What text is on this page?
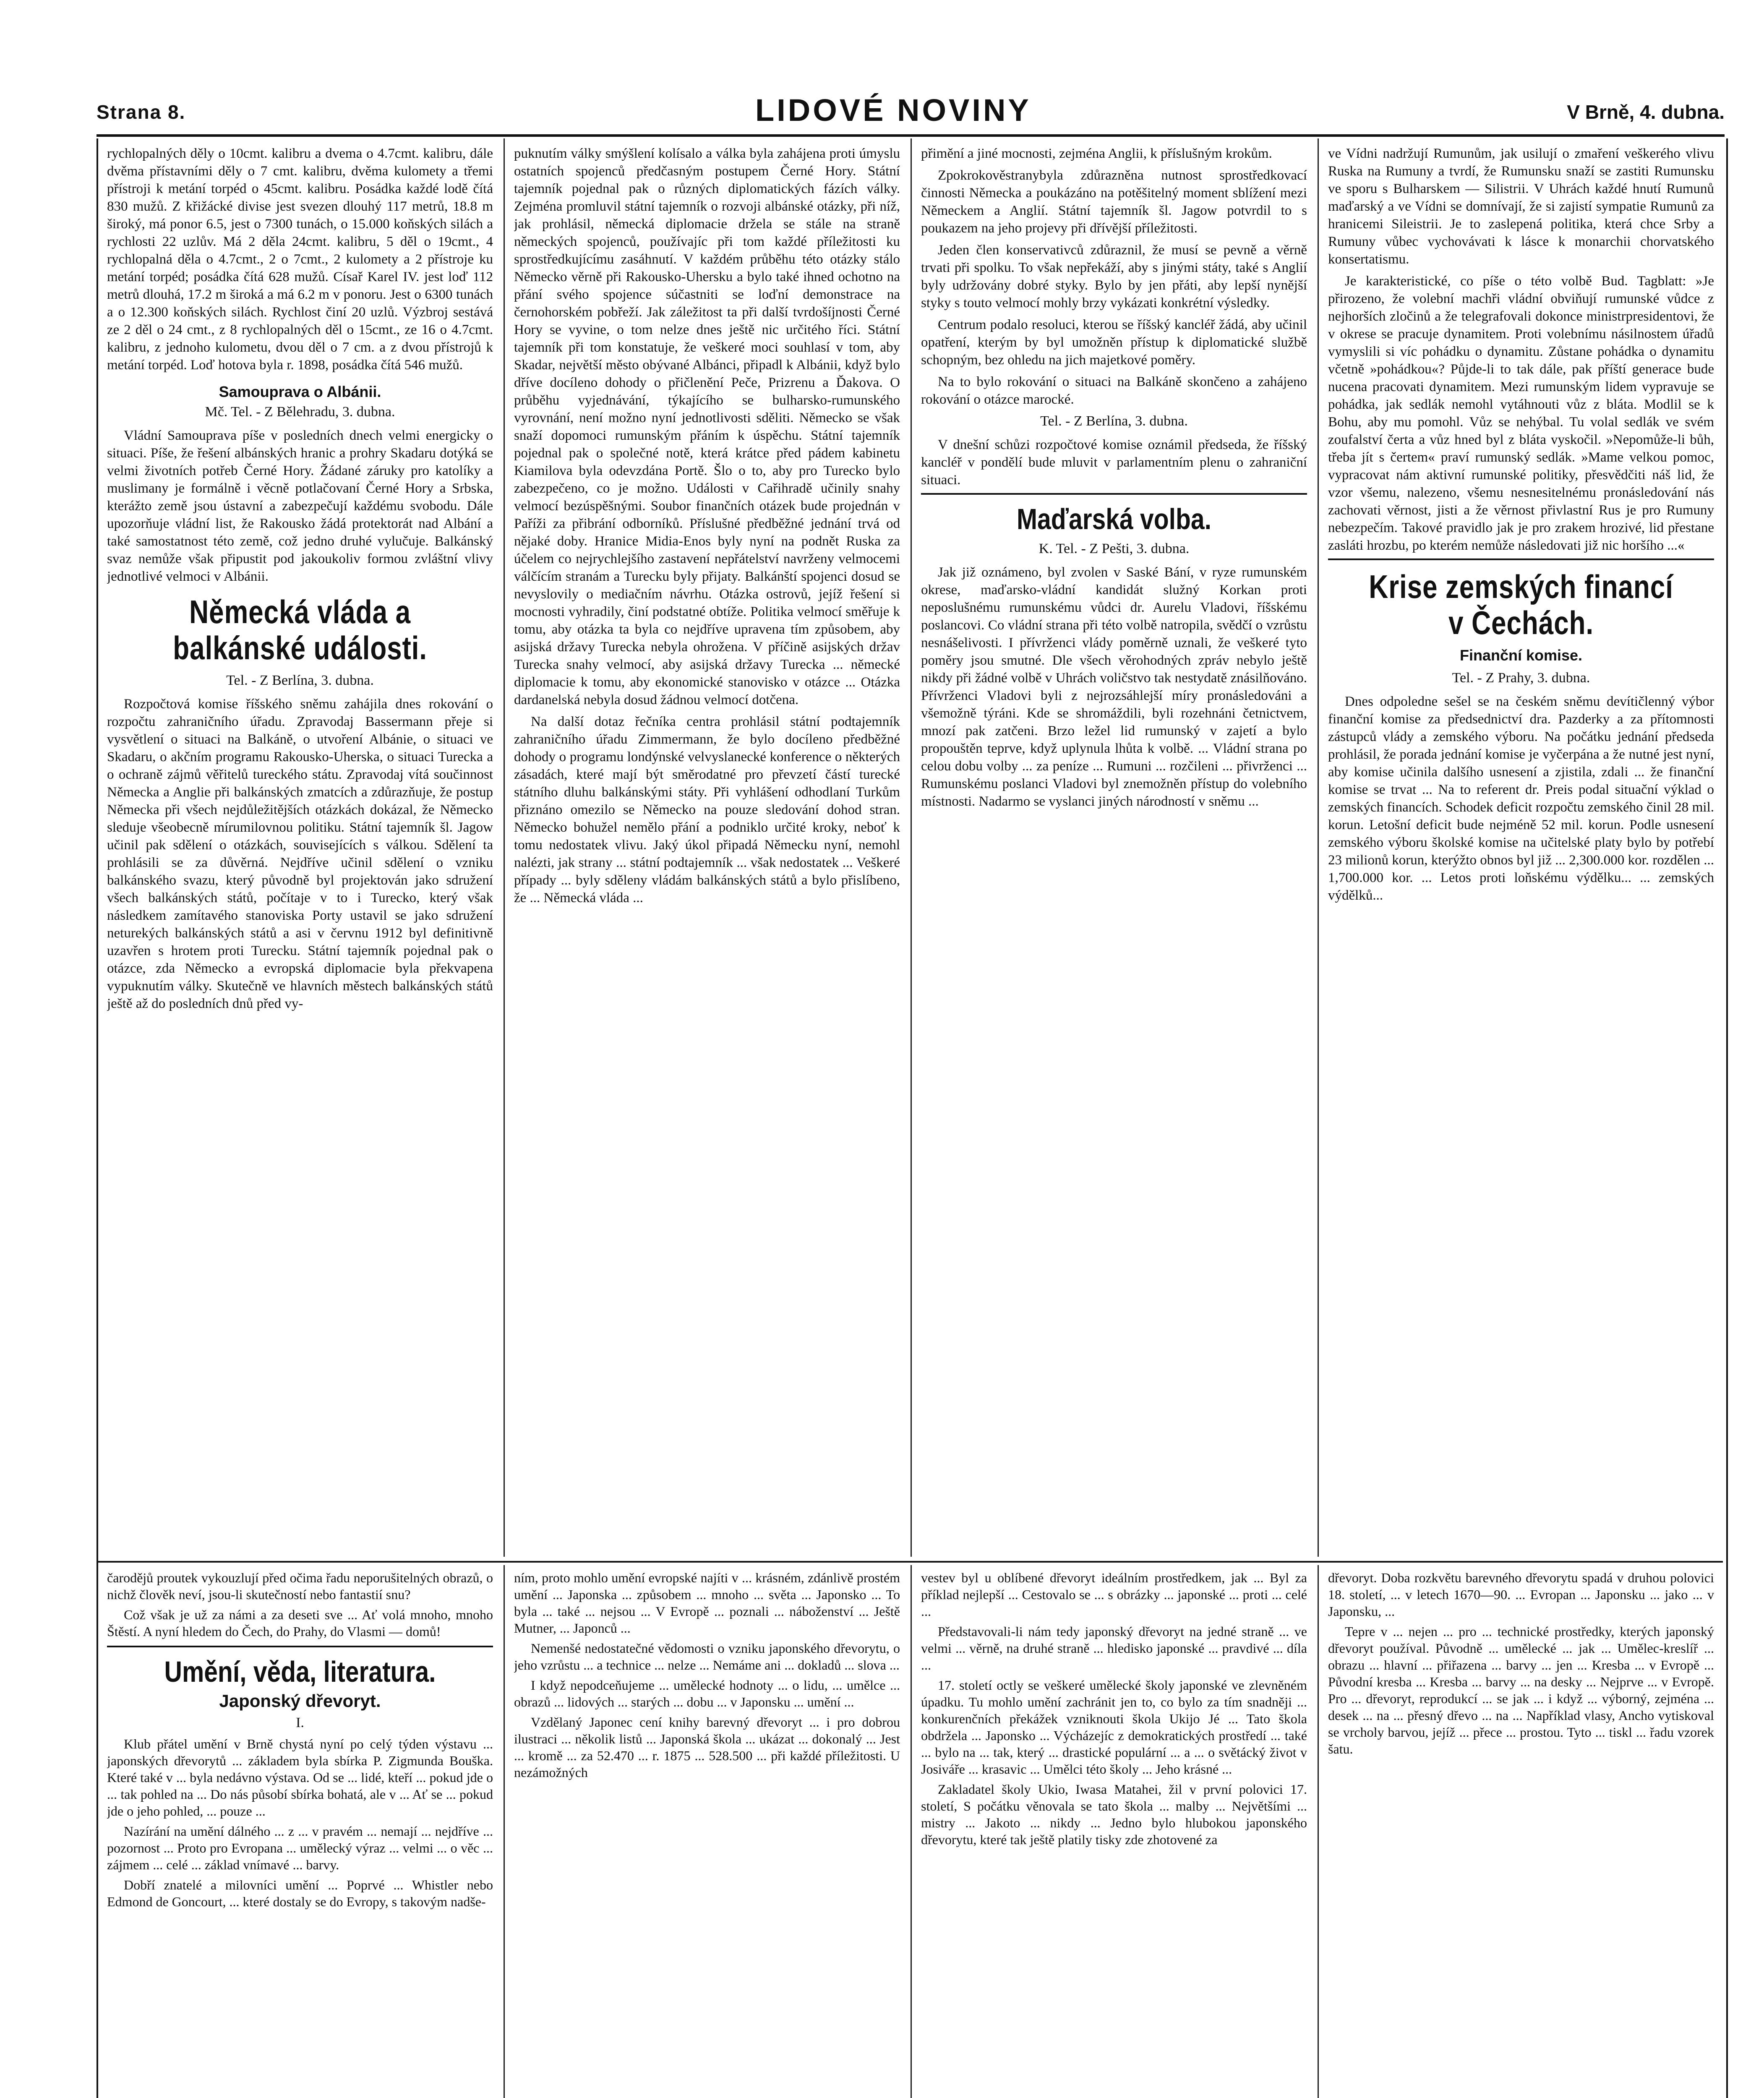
Strana 8.	LIDOVÉ NOVINY	V Brně, 4. dubna.

rychlopalných děly o 10cmt. kalibru a dvema o 4.7cmt. kalibru, dále dvěma přístavními děly o 7 cmt. kalibru, dvěma kulomety a třemi přístroji k metání torpéd o 45cmt. kalibru. Posádka každé lodě čítá 830 mužů. Z křižácké divise jest svezen dlouhý 117 metrů, 18.8 m široký, má ponor 6.5, jest o 7300 tunách, o 15.000 koňských silách a rychlosti 22 uzlův. Má 2 děla 24cmt. kalibru, 5 děl o 19cmt., 4 rychlopalná děla o 4.7cmt., 2 o 7cmt., 2 kulomety a 2 přístroje ku metání torpéd; posádka čítá 628 mužů. Císař Karel IV. jest loď 112 metrů dlouhá, 17.2 m široká a má 6.2 m v ponoru. Jest o 6300 tunách a o 12.300 koňských silách. Rychlost činí 20 uzlů. Výzbroj sestává ze 2 děl o 24 cmt., z 8 rychlopalných děl o 15cmt., ze 16 o 4.7cmt. kalibru, z jednoho kulometu, dvou děl o 7 cm. a z dvou přístrojů k metání torpéd. Loď hotova byla r. 1898, posádka čítá 546 mužů.

Samouprava o Albánii.
Mč. Tel. - Z Bělehradu, 3. dubna.

Vládní Samouprava píše v posledních dnech velmi energicky o situaci. Píše, že řešení albánských hranic a prohry Skadaru dotýká se velmi životních potřeb Černé Hory. Žádané záruky pro katolíky a muslimany je formálně i věcně potlačovaní Černé Hory a Srbska, kterážto země jsou ústavní a zabezpečují každému svobodu. Dále upozorňuje vládní list, že Rakousko žádá protektorát nad Albání a také samostatnost této země, což jedno druhé vylučuje. Balkánský svaz nemůže však připustit pod jakoukoliv formou zvláštní vlivy jednotlivé velmoci v Albánii.

Německá vláda a balkánské události.
Tel. - Z Berlína, 3. dubna.

Rozpočtová komise říšského sněmu zahájila dnes rokování o rozpočtu zahraničního úřadu. Zpravodaj Bassermann přeje si vysvětlení o situaci na Balkáně, o utvoření Albánie, o situaci ve Skadaru, o akčním programu Rakousko-Uherska, o situaci Turecka a o ochraně zájmů věřitelů tureckého státu. Zpravodaj vítá součinnost Německa a Anglie při balkánských zmatcích a zdůrazňuje, že postup Německa při všech nejdůležitějších otázkách dokázal, že Německo sleduje všeobecně mírumilovnou politiku. Státní tajemník šl. Jagow učinil pak sdělení o otázkách, souvisejících s válkou. Sdělení ta prohlásili se za důvěrná. Nejdříve učinil sdělení o vzniku balkánského svazu, který původně byl projektován jako sdružení všech balkánských států, počítaje v to i Turecko, který však následkem zamítavého stanoviska Porty ustavil se jako sdružení neturekých balkánských států a asi v červnu 1912 byl definitivně uzavřen s hrotem proti Turecku. Státní tajemník pojednal pak o otázce, zda Německo a evropská diplomacie byla překvapena vypuknutím války. Skutečně ve hlavních městech balkánských států ještě až do posledních dnů před vy-

puknutím války smýšlení kolísalo a válka byla zahájena proti úmyslu ostatních spojenců předčasným postupem Černé Hory. Státní tajemník pojednal pak o různých diplomatických fázích války. Zejména promluvil státní tajemník o rozvoji albánské otázky, při níž, jak prohlásil, německá diplomacie držela se stále na straně německých spojenců, používajíc při tom každé příležitosti ku sprostředkujícímu zasáhnutí. V každém průběhu této otázky stálo Německo věrně při Rakousko-Uhersku a bylo také ihned ochotno na přání svého spojence súčastniti se loďní demonstrace na černohorském pobřeží. Jak záležitost ta při další tvrdošíjnosti Černé Hory se vyvine, o tom nelze dnes ještě nic určitého říci. Státní tajemník při tom konstatuje, že veškeré moci souhlasí v tom, aby Skadar, největší město obývané Albánci, připadl k Albánii, když bylo dříve docíleno dohody o přičlenění Peče, Prizrenu a Ďakova. O průběhu vyjednávání, týkajícího se bulharsko-rumunského vyrovnání, není možno nyní jednotlivosti sděliti. Německo se však snaží dopomoci rumunským přáním k úspěchu. Státní tajemník pojednal pak o společné notě, která krátce před pádem kabinetu Kiamilova byla odevzdána Portě. Šlo o to, aby pro Turecko bylo zabezpečeno, co je možno. Události v Cařihradě učinily snahy velmocí bezúspěšnými. Soubor finančních otázek bude projednán v Paříži za přibrání odborníků. Příslušné předběžné jednání trvá od nějaké doby. Hranice Midia-Enos byly nyní na podnět Ruska za účelem co nejrychlejšího zastavení nepřátelství navrženy velmocemi válčícím stranám a Turecku byly přijaty. Balkánští spojenci dosud se nevyslovily o mediačním návrhu. Otázka ostrovů, jejíž řešení si mocnosti vyhradily, činí podstatné obtíže. Politika velmocí směřuje k tomu, aby otázka ta byla co nejdříve upravena tím způsobem, aby asijská državy Turecka nebyla ohrožena. V příčině asijských držav Turecka snahy velmocí, aby asijská državy Turecka ... německé diplomacie k tomu, aby ekonomické stanovisko v otázce ... Otázka dardanelská nebyla dosud žádnou velmocí dotčena.

Na další dotaz řečníka centra prohlásil státní podtajemník zahraničního úřadu Zimmermann, že bylo docíleno předběžné dohody o programu londýnské velvyslanecké konference o některých zásadách, které mají být směrodatné pro převzetí částí turecké státního dluhu balkánskými státy. Při vyhlášení odhodlaní Turkům přiznáno omezilo se Německo na pouze sledování dohod stran. Německo bohužel nemělo přání a podniklo určité kroky, neboť k tomu nedostatek vlivu. Jaký úkol připadá Německu nyní, nemohl nalézti, jak strany ... státní podtajemník ... však nedostatek ... Veškeré případy ... byly sděleny vládám balkánských států a bylo přislíbeno, že ... Německá vláda ...

přimění a jiné mocnosti, zejména Anglii, k příslušným krokům.

Zpokrokověstranybyla zdůrazněna nutnost sprostředkovací činnosti Německa a poukázáno na potěšitelný moment sblížení mezi Německem a Anglií. Státní tajemník šl. Jagow potvrdil to s poukazem na jeho projevy při dřívější příležitosti.

Jeden člen konservativců zdůraznil, že musí se pevně a věrně trvati při spolku. To však nepřekáží, aby s jinými státy, také s Anglií byly udržovány dobré styky. Bylo by jen přáti, aby lepší nynější styky s touto velmocí mohly brzy vykázati konkrétní výsledky.

Centrum podalo resoluci, kterou se říšský kancléř žádá, aby učinil opatření, kterým by byl umožněn přístup k diplomatické službě schopným, bez ohledu na jich majetkové poměry.

Na to bylo rokování o situaci na Balkáně skončeno a zahájeno rokování o otázce marocké.

Tel. - Z Berlína, 3. dubna.

V dnešní schůzi rozpočtové komise oznámil předseda, že říšský kancléř v pondělí bude mluvit v parlamentním plenu o zahraniční situaci.

Maďarská volba.
K. Tel. - Z Pešti, 3. dubna.

Jak již oznámeno, byl zvolen v Saské Bání, v ryze rumunském okrese, maďarsko-vládní kandidát služný Korkan proti neposlušnému rumunskému vůdci dr. Aurelu Vladovi, říšskému poslancovi. Co vládní strana při této volbě natropila, svědčí o vzrůstu nesnášelivosti. I přívrženci vlády poměrně uznali, že veškeré tyto poměry jsou smutné. Dle všech věrohodných zpráv nebylo ještě nikdy při žádné volbě v Uhrách voličstvo tak nestydatě znásilňováno. Přívrženci Vladovi byli z nejrozsáhlejší míry pronásledováni a všemožně týráni. Kde se shromáždili, byli rozehnáni četnictvem, mnozí pak zatčeni. Brzo ležel lid rumunský v zajetí a bylo propouštěn teprve, když uplynula lhůta k volbě. ... Vládní strana po celou dobu volby ... za peníze ... Rumuni ... rozčileni ... přivrženci ... Rumunskému poslanci Vladovi byl znemožněn přístup do volebního místnosti. Nadarmo se vyslanci jiných národností v sněmu ...

ve Vídni nadržují Rumunům, jak usilují o zmaření veškerého vlivu Ruska na Rumuny a tvrdí, že Rumunsku snaží se zastiti Rumunsku ve sporu s Bulharskem — Silistrii. V Uhrách každé hnutí Rumunů maďarský a ve Vídni se domnívají, že si zajistí sympatie Rumunů za hranicemi Sileistrii. Je to zaslepená politika, která chce Srby a Rumuny vůbec vychovávati k lásce k monarchii chorvatského konsertatismu.

Je karakteristické, co píše o této volbě Bud. Tagblatt: »Je přirozeno, že volební machři vládní obviňují rumunské vůdce z nejhorších zločinů a že telegrafovali dokonce ministrpresidentovi, že v okrese se pracuje dynamitem. Proti volebnímu násilnostem úřadů vymyslili si víc pohádku o dynamitu. Zůstane pohádka o dynamitu včetně »pohádkou«? Půjde-li to tak dále, pak příští generace bude nucena pracovati dynamitem. Mezi rumunským lidem vypravuje se pohádka, jak sedlák nemohl vytáhnouti vůz z bláta. Modlil se k Bohu, aby mu pomohl. Vůz se nehýbal. Tu volal sedlák ve svém zoufalství čerta a vůz hned byl z bláta vyskočil. »Nepomůže-li bůh, třeba jít s čertem« praví rumunský sedlák. »Mame velkou pomoc, vypracovat nám aktivní rumunské politiky, přesvědčiti náš lid, že vzor všemu, nalezeno, všemu nesnesitelnému pronásledování nás zachovati věrnost, jisti a že věrnost přivlastní Rus je pro Rumuny nebezpečím. Takové pravidlo jak je pro zrakem hrozivé, lid přestane zasláti hrozbu, po kterém nemůže následovati již nic horšího ...«

Krise zemských financí v Čechách.
Finanční komise.
Tel. - Z Prahy, 3. dubna.

Dnes odpoledne sešel se na českém sněmu devítičlenný výbor finanční komise za předsednictví dra. Pazderky a za přítomnosti zástupců vlády a zemského výboru. Na počátku jednání předseda prohlásil, že porada jednání komise je vyčerpána a že nutné jest nyní, aby komise učinila dalšího usnesení a zjistila, zdali ... že finanční komise se trvat ... Na to referent dr. Preis podal situační výklad o zemských financích. Schodek deficit rozpočtu zemského činil 28 mil. korun. Letošní deficit bude nejméně 52 mil. korun. Podle usnesení zemského výboru školské komise na učitelské platy bylo by potřebí 23 milionů korun, kterýžto obnos byl již ... 2,300.000 kor. rozdělen ... 1,700.000 kor. ... Letos proti loňskému výdělku... ... zemských výdělků...

čarodějů proutek vykouzlují před očima řadu neporušitelných obrazů, o nichž člověk neví, jsou-li skutečností nebo fantastií snu?

Což však je už za námi a za deseti sve ... Ať volá mnoho, mnoho Štěstí. A nyní hledem do Čech, do Prahy, do Vlasmi — domů!

Umění, věda, literatura.
Japonský dřevoryt.
I.

Klub přátel umění v Brně chystá nyní po celý týden výstavu ... japonských dřevorytů ... základem byla sbírka P. Zigmunda Bouška. Které také v ... byla nedávno výstava. Od se ... lidé, kteří ... pokud jde o ... tak pohled na ... Do nás působí sbírka bohatá, ale v ... Ať se ... pokud jde o jeho pohled, ... pouze ...

Nazírání na umění dálného ... z ... v pravém ... nemají ... nejdříve ... pozornost ... Proto pro Evropana ... umělecký výraz ... velmi ... o věc ... zájmem ... celé ... základ vnímavé ... barvy.

Dobří znatelé a milovníci umění ... Poprvé ... Whistler nebo Edmond de Goncourt, ... které dostaly se do Evropy, s takovým nadše-

ním, proto mohlo umění evropské najíti v ... krásném, zdánlivě prostém umění ... Japonska ... způsobem ... mnoho ... světa ... Japonsko ... To byla ... také ... nejsou ... V Evropě ... poznali ... náboženství ... Ještě Mutner, ... Japonců ...

Nemenšé nedostatečné vědomosti o vzniku japonského dřevorytu, o jeho vzrůstu ... a technice ... nelze ... Nemáme ani ... dokladů ... slova ...

I když nepodceňujeme ... umělecké hodnoty ... o lidu, ... umělce ... obrazů ... lidových ... starých ... dobu ... v Japonsku ... umění ...

Vzdělaný Japonec cení knihy barevný dřevoryt ... i pro dobrou ilustraci ... několik listů ... Japonská škola ... ukázat ... dokonalý ... Jest ... kromě ... za 52.470 ... r. 1875 ... 528.500 ... při každé příležitosti. U nezámožných

vestev byl u oblíbené dřevoryt ideálním prostředkem, jak ... Byl za příklad nejlepší ... Cestovalo se ... s obrázky ... japonské ... proti ... celé ...

Představovali-li nám tedy japonský dřevoryt na jedné straně ... ve velmi ... věrně, na druhé straně ... hledisko japonské ... pravdivé ... díla ...

17. století octly se veškeré umělecké školy japonské ve zlevněném úpadku. Tu mohlo umění zachránit jen to, co bylo za tím snadněji ... konkurenčních překážek vzniknouti škola Ukijo Jé ... Tato škola obdržela ... Japonsko ... Výcházejíc z demokratických prostředí ... také ... bylo na ... tak, který ... drastické populární ... a ... o světácký život v Josiváře ... krasavic ... Umělci této školy ... Jeho krásné ...

Zakladatel školy Ukio, Iwasa Matahei, žil v první polovici 17. století, S počátku věnovala se tato škola ... malby ... Největšími ... mistry ... Jakoto ... nikdy ... Jedno bylo hlubokou japonského dřevorytu, které tak ještě platily tisky zde zhotovené za

dřevoryt. Doba rozkvětu barevného dřevorytu spadá v druhou polovici 18. století, ... v letech 1670—90. ... Evropan ... Japonsku ... jako ... v Japonsku, ...

Tepre v ... nejen ... pro ... technické prostředky, kterých japonský dřevoryt používal. Původně ... umělecké ... jak ... Umělec-kreslíř ... obrazu ... hlavní ... přiřazena ... barvy ... jen ... Kresba ... v Evropě ... Původní kresba ... Kresba ... barvy ... na desky ... Nejprve ... v Evropě. Pro ... dřevoryt, reprodukcí ... se jak ... i když ... výborný, zejména ... desek ... na ... přesný dřevo ... na ... Například vlasy, Ancho vytiskoval se vrcholy barvou, jejíž ... přece ... prostou. Tyto ... tiskl ... řadu vzorek šatu.
